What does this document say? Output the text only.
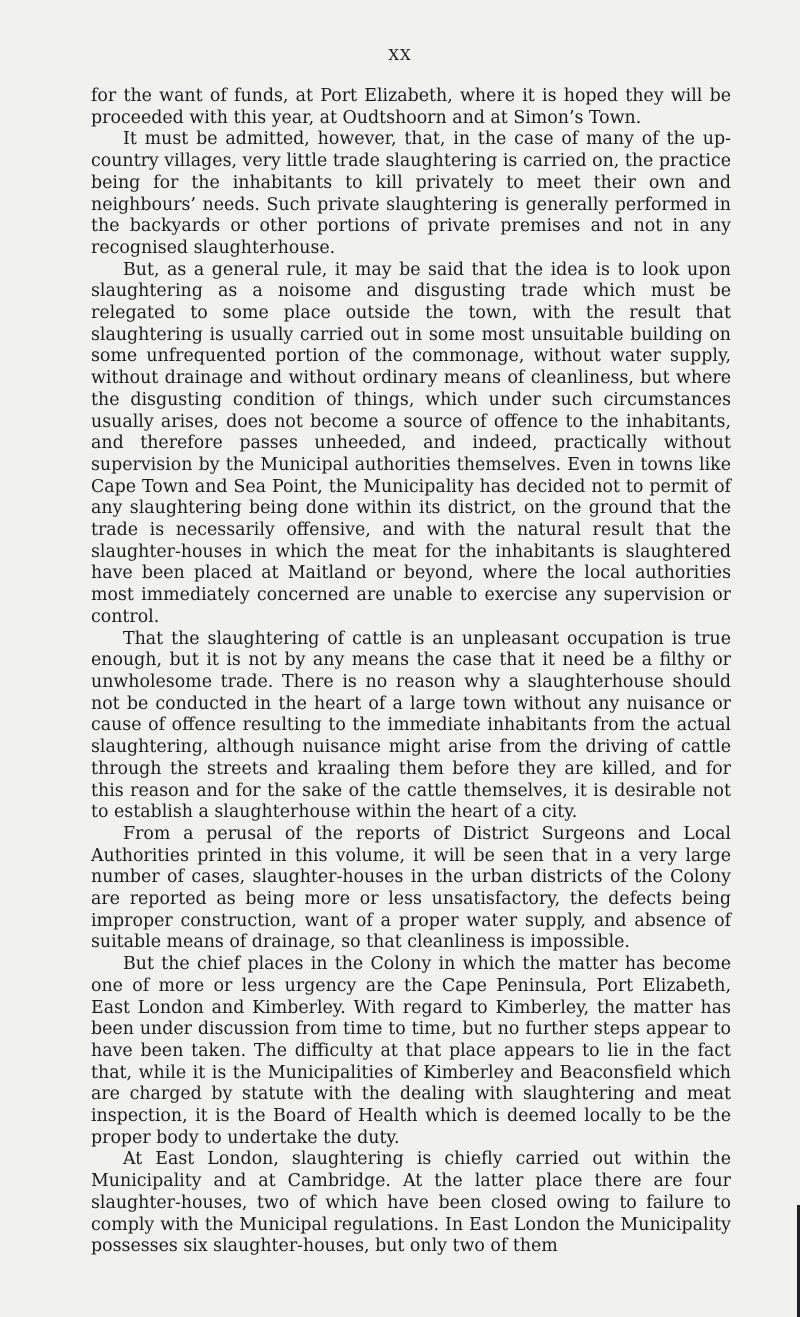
XX

for the want of funds, at Port Elizabeth, where it is hoped they will be proceeded with this year, at Oudtshoorn and at Simon’s Town.

It must be admitted, however, that, in the case of many of the up-country villages, very little trade slaughtering is carried on, the practice being for the inhabitants to kill privately to meet their own and neighbours’ needs. Such private slaughtering is generally performed in the backyards or other portions of private premises and not in any recognised slaughterhouse.

But, as a general rule, it may be said that the idea is to look upon slaughtering as a noisome and disgusting trade which must be relegated to some place outside the town, with the result that slaughtering is usually carried out in some most unsuitable building on some unfrequented portion of the commonage, without water supply, without drainage and without ordinary means of cleanliness, but where the disgusting condition of things, which under such circumstances usually arises, does not become a source of offence to the inhabitants, and therefore passes unheeded, and indeed, practically without supervision by the Municipal authorities themselves. Even in towns like Cape Town and Sea Point, the Municipality has decided not to permit of any slaughtering being done within its district, on the ground that the trade is necessarily offensive, and with the natural result that the slaughter-houses in which the meat for the inhabitants is slaughtered have been placed at Maitland or beyond, where the local authorities most immediately concerned are unable to exercise any supervision or control.

That the slaughtering of cattle is an unpleasant occupation is true enough, but it is not by any means the case that it need be a filthy or unwholesome trade. There is no reason why a slaughterhouse should not be conducted in the heart of a large town without any nuisance or cause of offence resulting to the immediate inhabitants from the actual slaughtering, although nuisance might arise from the driving of cattle through the streets and kraaling them before they are killed, and for this reason and for the sake of the cattle themselves, it is desirable not to establish a slaughterhouse within the heart of a city.

From a perusal of the reports of District Surgeons and Local Authorities printed in this volume, it will be seen that in a very large number of cases, slaughter-houses in the urban districts of the Colony are reported as being more or less unsatisfactory, the defects being improper construction, want of a proper water supply, and absence of suitable means of drainage, so that cleanliness is impossible.

But the chief places in the Colony in which the matter has become one of more or less urgency are the Cape Peninsula, Port Elizabeth, East London and Kimberley. With regard to Kimberley, the matter has been under discussion from time to time, but no further steps appear to have been taken. The difficulty at that place appears to lie in the fact that, while it is the Municipalities of Kimberley and Beaconsfield which are charged by statute with the dealing with slaughtering and meat inspection, it is the Board of Health which is deemed locally to be the proper body to undertake the duty.

At East London, slaughtering is chiefly carried out within the Municipality and at Cambridge. At the latter place there are four slaughter-houses, two of which have been closed owing to failure to comply with the Municipal regulations. In East London the Municipality possesses six slaughter-houses, but only two of them
